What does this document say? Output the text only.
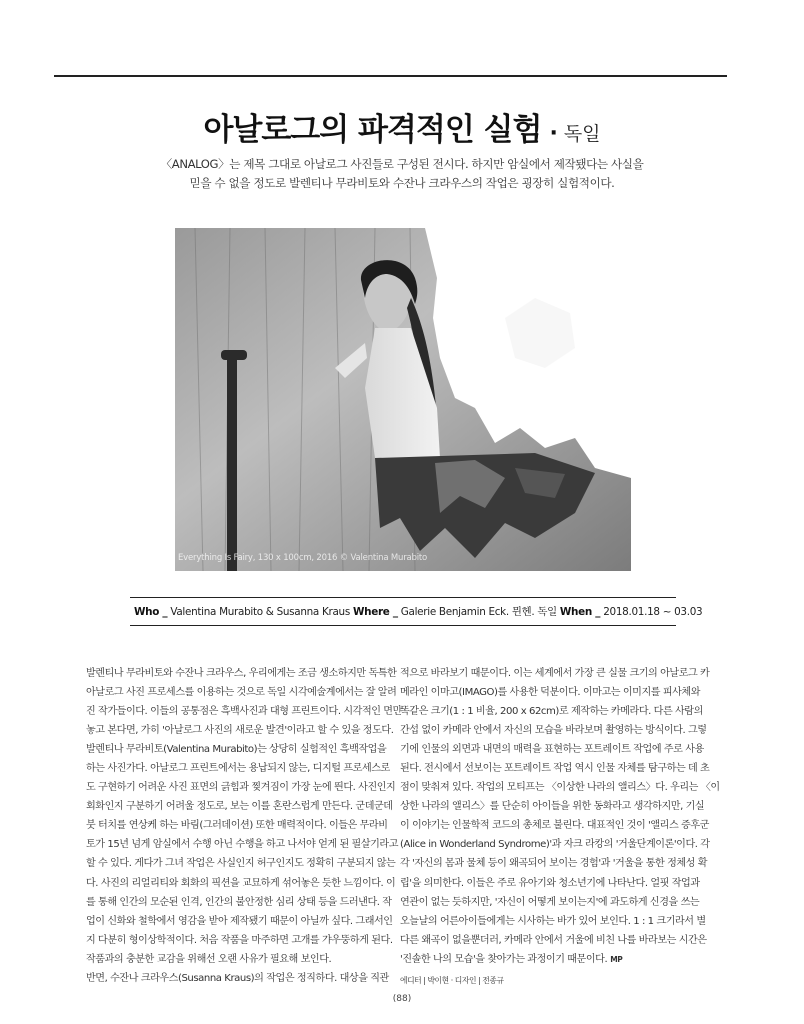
아날로그의 파격적인 실험 · 독일
〈ANALOG〉는 제목 그대로 아날로그 사진들로 구성된 전시다. 하지만 암실에서 제작됐다는 사실을
믿을 수 없을 정도로 발렌티나 무라비토와 수잔나 크라우스의 작업은 굉장히 실험적이다.
Everything Is Fairy, 130 x 100cm, 2016 © Valentina Murabito
Who _ Valentina Murabito & Susanna Kraus Where _ Galerie Benjamin Eck. 뮌헨. 독일 When _ 2018.01.18 ~ 03.03
발렌티나 무라비토와 수잔나 크라우스, 우리에게는 조금 생소하지만 독특한
아날로그 사진 프로세스를 이용하는 것으로 독일 시각예술계에서는 잘 알려
진 작가들이다. 이들의 공통점은 흑백사진과 대형 프린트이다. 시각적인 면만
놓고 본다면, 가히 '아날로그 사진의 새로운 발견'이라고 할 수 있을 정도다.
발렌티나 무라비토(Valentina Murabito)는 상당히 실험적인 흑백작업을
하는 사진가다. 아날로그 프린트에서는 용납되지 않는, 디지털 프로세스로
도 구현하기 어려운 사진 표면의 긁힘과 찢겨짐이 가장 눈에 띈다. 사진인지
회화인지 구분하기 어려울 정도로, 보는 이를 혼란스럽게 만든다. 군데군데
붓 터치를 연상케 하는 바림(그러데이션) 또한 매력적이다. 이들은 무라비
토가 15년 넘게 암실에서 수행 아닌 수행을 하고 나서야 얻게 된 필살기라고
할 수 있다. 게다가 그녀 작업은 사실인지 허구인지도 정확히 구분되지 않는
다. 사진의 리얼리티와 회화의 픽션을 교묘하게 섞어놓은 듯한 느낌이다. 이
를 통해 인간의 모순된 인격, 인간의 불안정한 심리 상태 등을 드러낸다. 작
업이 신화와 철학에서 영감을 받아 제작됐기 때문이 아닐까 싶다. 그래서인
지 다분히 형이상학적이다. 처음 작품을 마주하면 고개를 갸우뚱하게 된다.
작품과의 충분한 교감을 위해선 오랜 사유가 필요해 보인다.
반면, 수잔나 크라우스(Susanna Kraus)의 작업은 정직하다. 대상을 직관
적으로 바라보기 때문이다. 이는 세계에서 가장 큰 실물 크기의 아날로그 카
메라인 이마고(IMAGO)를 사용한 덕분이다. 이마고는 이미지를 피사체와
똑같은 크기(1 : 1 비율, 200 x 62cm)로 제작하는 카메라다. 다른 사람의
간섭 없이 카메라 안에서 자신의 모습을 바라보며 촬영하는 방식이다. 그렇
기에 인물의 외면과 내면의 매력을 표현하는 포트레이트 작업에 주로 사용
된다. 전시에서 선보이는 포트레이트 작업 역시 인물 자체를 탐구하는 데 초
점이 맞춰져 있다. 작업의 모티프는 〈이상한 나라의 앨리스〉다. 우리는 〈이
상한 나라의 앨리스〉를 단순히 아이들을 위한 동화라고 생각하지만, 기실
이 이야기는 인물학적 코드의 총체로 불린다. 대표적인 것이 '앨리스 증후군
(Alice in Wonderland Syndrome)'과 자크 라캉의 '거울단계이론'이다. 각
각 '자신의 몸과 물체 등이 왜곡되어 보이는 경험'과 '거울을 통한 정체성 확
립'을 의미한다. 이들은 주로 유아기와 청소년기에 나타난다. 얼핏 작업과
연관이 없는 듯하지만, '자신이 어떻게 보이는지'에 과도하게 신경을 쓰는
오늘날의 어른아이들에게는 시사하는 바가 있어 보인다. 1 : 1 크기라서 별
다른 왜곡이 없을뿐더러, 카메라 안에서 거울에 비친 나를 바라보는 시간은
'진솔한 나의 모습'을 찾아가는 과정이기 때문이다. MP
에디터 | 박이현 · 디자인 | 전종규
(88)
